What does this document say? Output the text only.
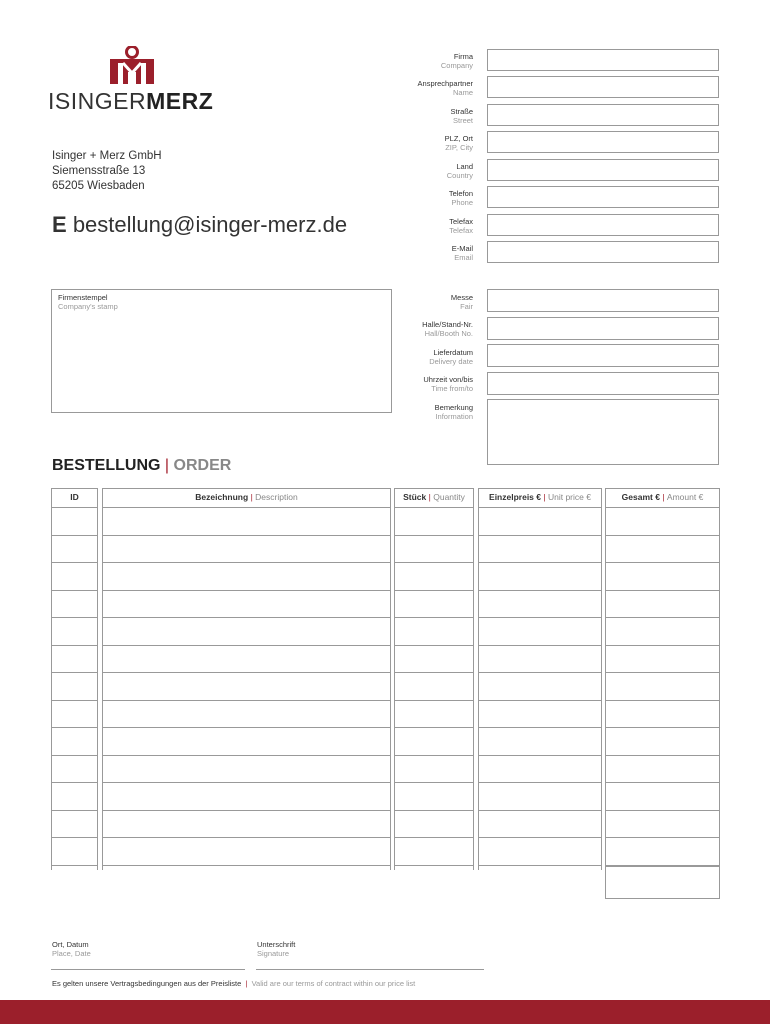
ISINGERMERZ
Isinger + Merz GmbH
Siemensstraße 13
65205 Wiesbaden
E bestellung@isinger-merz.de
Firma
Company
Ansprechpartner
Name
Straße
Street
PLZ, Ort
ZIP, City
Land
Country
Telefon
Phone
Telefax
Telefax
E-Mail
Email
Firmenstempel
Company's stamp
Messe
Fair
Halle/Stand-Nr.
Hall/Booth No.
Lieferdatum
Delivery date
Uhrzeit von/bis
Time from/to
Bemerkung
Information
BESTELLUNG | ORDER
ID	Bezeichnung | Description	Stück | Quantity	Einzelpreis € | Unit price €	Gesamt € | Amount €
Ort, Datum
Place, Date
Unterschrift
Signature
Es gelten unsere Vertragsbedingungen aus der Preisliste | Valid are our terms of contract within our price list
